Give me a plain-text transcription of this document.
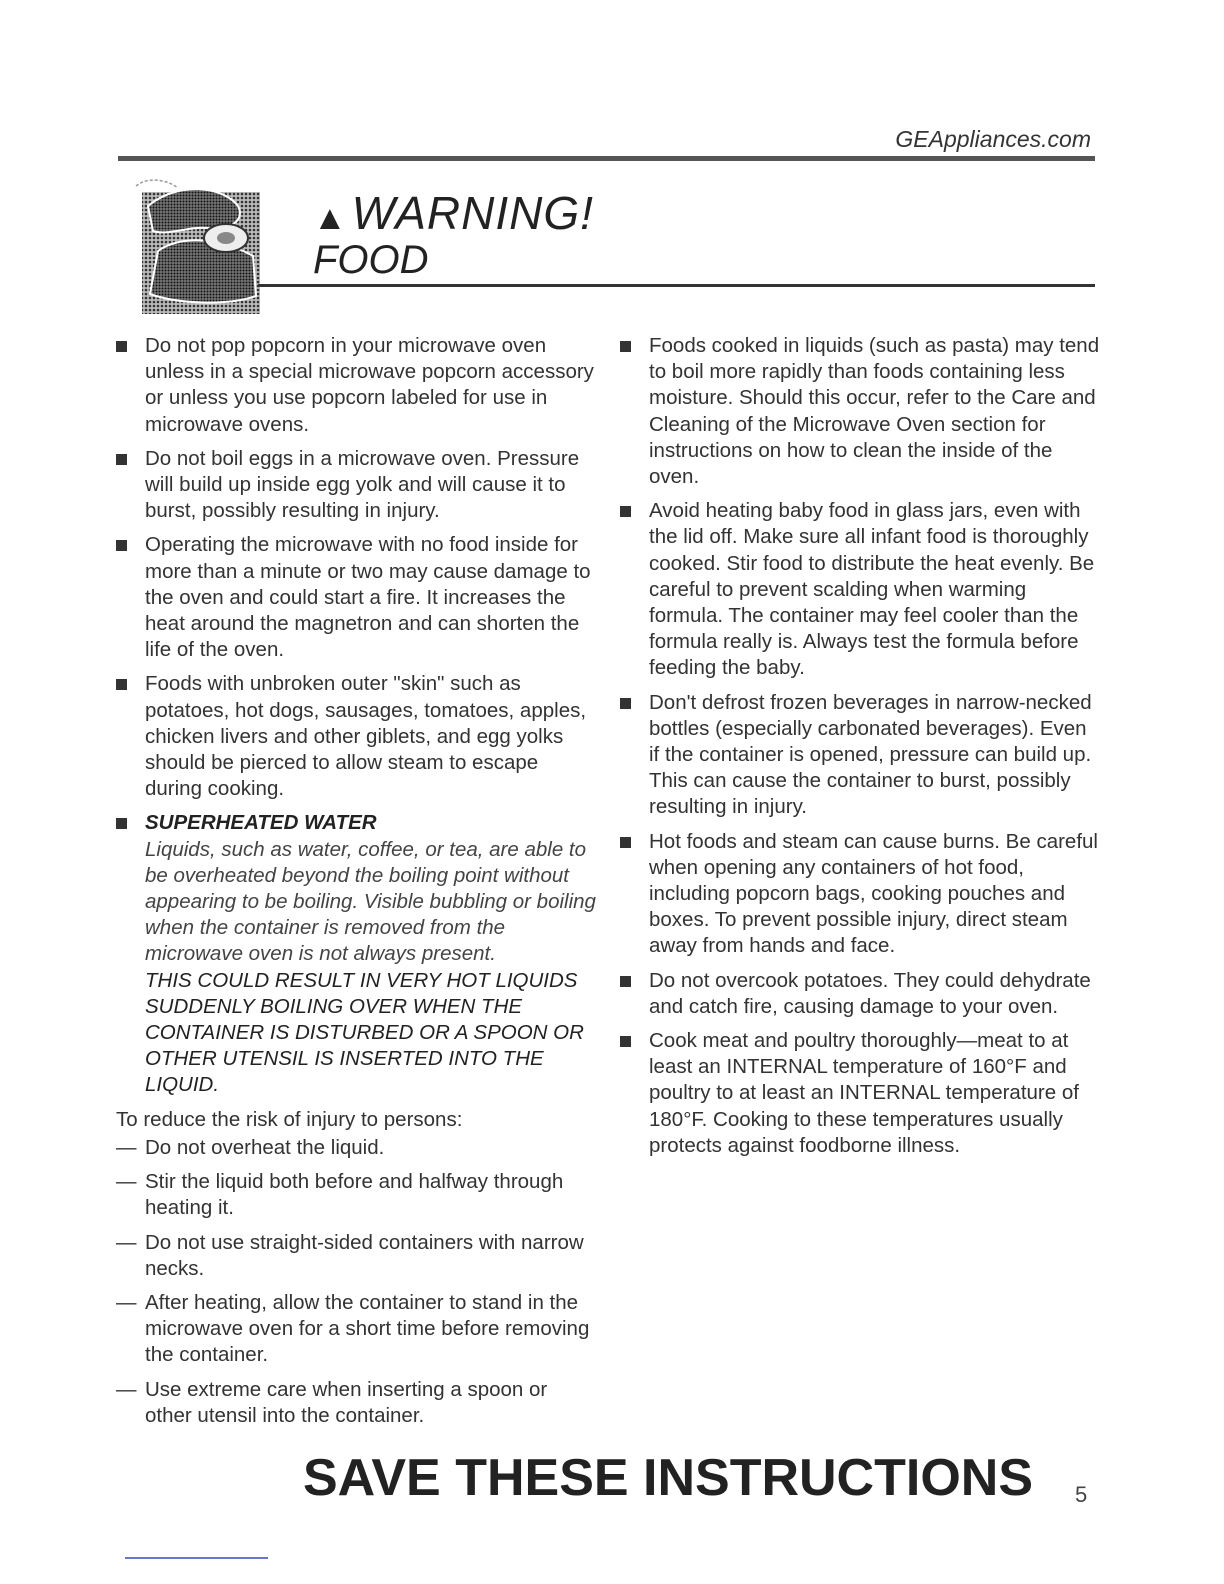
GEAppliances.com
▲WARNING!
FOOD
Do not pop popcorn in your microwave oven unless in a special microwave popcorn accessory or unless you use popcorn labeled for use in microwave ovens.
Do not boil eggs in a microwave oven. Pressure will build up inside egg yolk and will cause it to burst, possibly resulting in injury.
Operating the microwave with no food inside for more than a minute or two may cause damage to the oven and could start a fire. It increases the heat around the magnetron and can shorten the life of the oven.
Foods with unbroken outer "skin" such as potatoes, hot dogs, sausages, tomatoes, apples, chicken livers and other giblets, and egg yolks should be pierced to allow steam to escape during cooking.
SUPERHEATED WATER
Liquids, such as water, coffee, or tea, are able to be overheated beyond the boiling point without appearing to be boiling. Visible bubbling or boiling when the container is removed from the microwave oven is not always present.
THIS COULD RESULT IN VERY HOT LIQUIDS SUDDENLY BOILING OVER WHEN THE CONTAINER IS DISTURBED OR A SPOON OR OTHER UTENSIL IS INSERTED INTO THE LIQUID.
To reduce the risk of injury to persons:
— Do not overheat the liquid.
— Stir the liquid both before and halfway through heating it.
— Do not use straight-sided containers with narrow necks.
— After heating, allow the container to stand in the microwave oven for a short time before removing the container.
— Use extreme care when inserting a spoon or other utensil into the container.
Foods cooked in liquids (such as pasta) may tend to boil more rapidly than foods containing less moisture. Should this occur, refer to the Care and Cleaning of the Microwave Oven section for instructions on how to clean the inside of the oven.
Avoid heating baby food in glass jars, even with the lid off. Make sure all infant food is thoroughly cooked. Stir food to distribute the heat evenly. Be careful to prevent scalding when warming formula. The container may feel cooler than the formula really is. Always test the formula before feeding the baby.
Don't defrost frozen beverages in narrow-necked bottles (especially carbonated beverages). Even if the container is opened, pressure can build up. This can cause the container to burst, possibly resulting in injury.
Hot foods and steam can cause burns. Be careful when opening any containers of hot food, including popcorn bags, cooking pouches and boxes. To prevent possible injury, direct steam away from hands and face.
Do not overcook potatoes. They could dehydrate and catch fire, causing damage to your oven.
Cook meat and poultry thoroughly—meat to at least an INTERNAL temperature of 160°F and poultry to at least an INTERNAL temperature of 180°F. Cooking to these temperatures usually protects against foodborne illness.
SAVE THESE INSTRUCTIONS 5
